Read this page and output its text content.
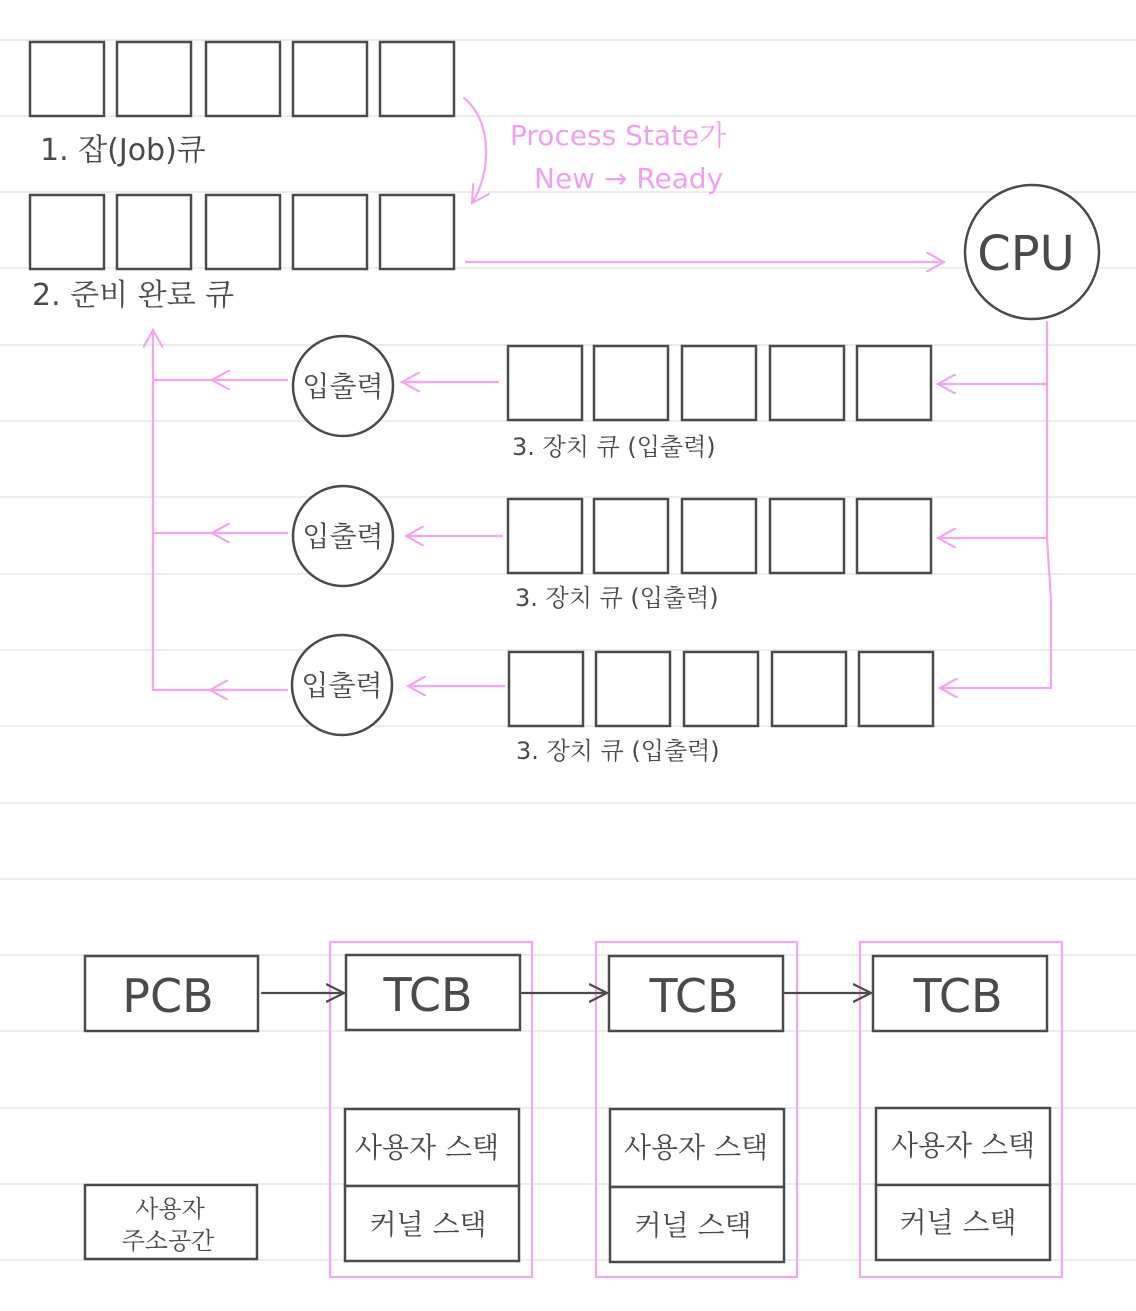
1. 잡(Job)큐	Process State가
New → Ready
2. 준비 완료 큐
CPU
3. 장치 큐 (입출력)
3. 장치 큐 (입출력)
3. 장치 큐 (입출력)
입출력
입출력
입출력
PCB
사용자
주소공간
TCB
사용자 스택
커널 스택
TCB
사용자 스택
커널 스택
TCB
사용자 스택
커널 스택
